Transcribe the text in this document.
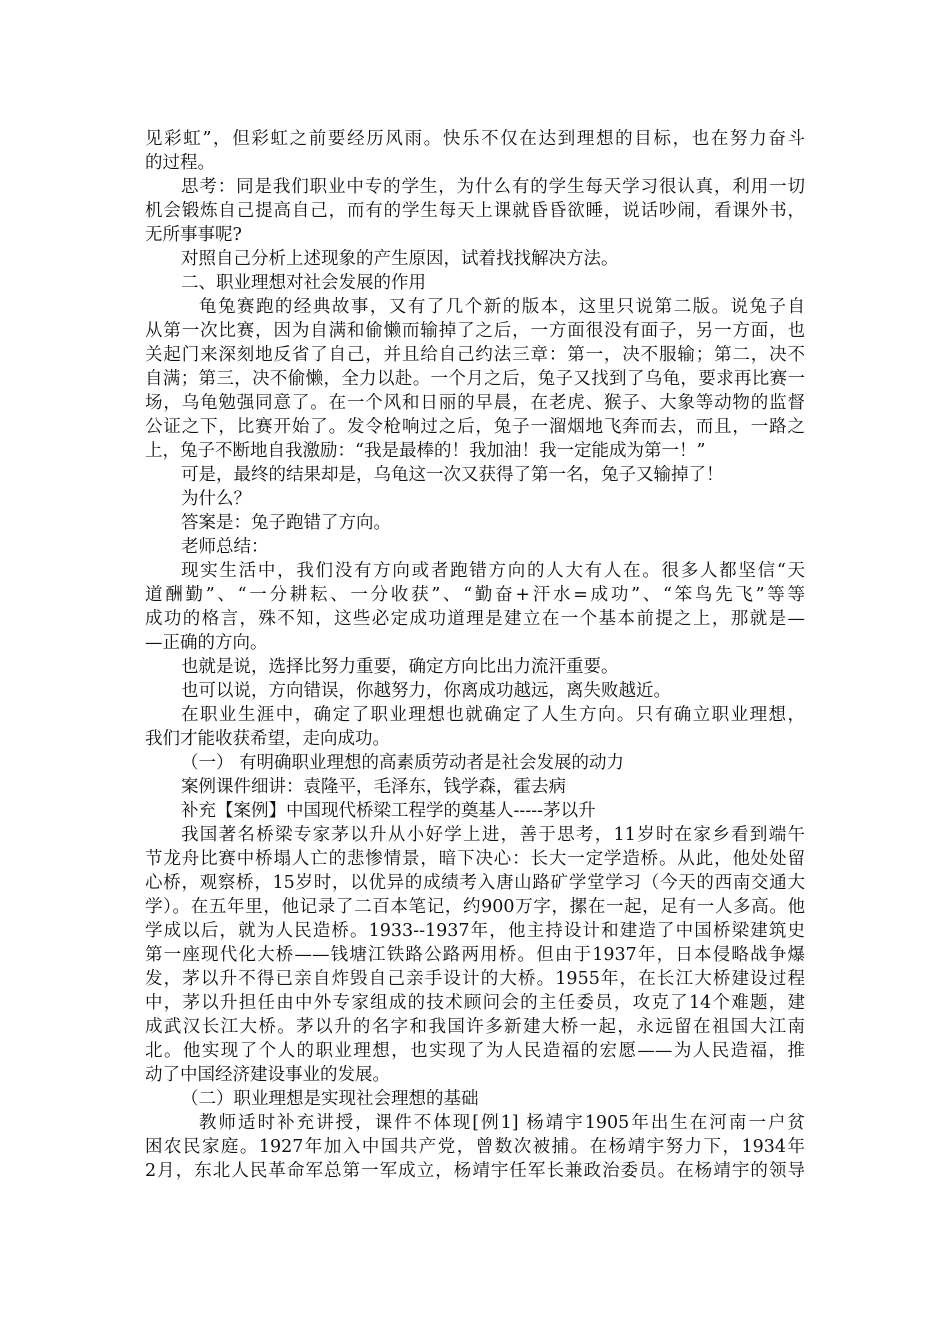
见彩虹”，但彩虹之前要经历风雨。快乐不仅在达到理想的目标，也在努力奋斗
的过程。
思考：同是我们职业中专的学生，为什么有的学生每天学习很认真，利用一切
机会锻炼自己提高自己，而有的学生每天上课就昏昏欲睡，说话吵闹，看课外书，
无所事事呢?
对照自己分析上述现象的产生原因，试着找找解决方法。
二、职业理想对社会发展的作用
龟兔赛跑的经典故事，又有了几个新的版本，这里只说第二版。说兔子自
从第一次比赛，因为自满和偷懒而输掉了之后，一方面很没有面子，另一方面，也
关起门来深刻地反省了自己，并且给自己约法三章：第一，决不服输；第二，决不
自满；第三，决不偷懒，全力以赴。一个月之后，兔子又找到了乌龟，要求再比赛一
场，乌龟勉强同意了。在一个风和日丽的早晨，在老虎、猴子、大象等动物的监督
公证之下，比赛开始了。发令枪响过之后，兔子一溜烟地飞奔而去，而且，一路之
上，兔子不断地自我激励：“我是最棒的！我加油！我一定能成为第一！”
可是，最终的结果却是，乌龟这一次又获得了第一名，兔子又输掉了！
为什么？
答案是：兔子跑错了方向。
老师总结：
现实生活中，我们没有方向或者跑错方向的人大有人在。很多人都坚信“天
道酬勤”、“一分耕耘、一分收获”、“勤奋+汗水=成功”、“笨鸟先飞”等等
成功的格言，殊不知，这些必定成功道理是建立在一个基本前提之上，那就是—
—正确的方向。
也就是说，选择比努力重要，确定方向比出力流汗重要。
也可以说，方向错误，你越努力，你离成功越远，离失败越近。
在职业生涯中，确定了职业理想也就确定了人生方向。只有确立职业理想，
我们才能收获希望，走向成功。
（一） 有明确职业理想的高素质劳动者是社会发展的动力
案例课件细讲：袁隆平，毛泽东，钱学森，霍去病
补充【案例】中国现代桥梁工程学的奠基人-----茅以升
我国著名桥梁专家茅以升从小好学上进，善于思考，11岁时在家乡看到端午
节龙舟比赛中桥塌人亡的悲惨情景，暗下决心：长大一定学造桥。从此，他处处留
心桥，观察桥，15岁时，以优异的成绩考入唐山路矿学堂学习（今天的西南交通大
学）。在五年里，他记录了二百本笔记，约900万字，摞在一起，足有一人多高。他
学成以后，就为人民造桥。1933--1937年，他主持设计和建造了中国桥梁建筑史
第一座现代化大桥——钱塘江铁路公路两用桥。但由于1937年，日本侵略战争爆
发，茅以升不得已亲自炸毁自己亲手设计的大桥。1955年，在长江大桥建设过程
中，茅以升担任由中外专家组成的技术顾问会的主任委员，攻克了14个难题，建
成武汉长江大桥。茅以升的名字和我国许多新建大桥一起，永远留在祖国大江南
北。他实现了个人的职业理想，也实现了为人民造福的宏愿——为人民造福，推
动了中国经济建设事业的发展。
（二）职业理想是实现社会理想的基础
教师适时补充讲授，课件不体现[例1] 杨靖宇1905年出生在河南一户贫
困农民家庭。1927年加入中国共产党，曾数次被捕。在杨靖宇努力下，1934年
2月，东北人民革命军总第一军成立，杨靖宇任军长兼政治委员。在杨靖宇的领导
